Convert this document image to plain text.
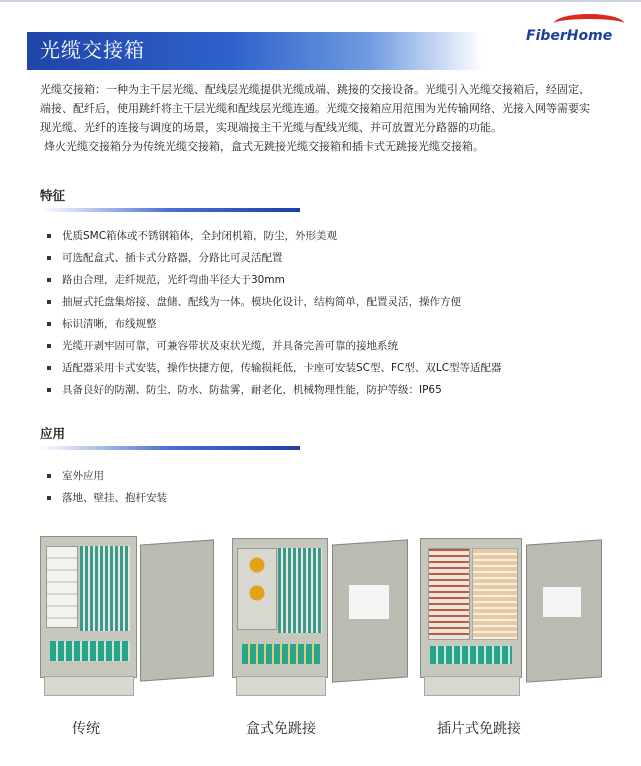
光缆交接箱
FiberHome

光缆交接箱：一种为主干层光缆、配线层光缆提供光缆成端、跳接的交接设备。光缆引入光缆交接箱后，经固定、端接、配纤后，使用跳纤将主干层光缆和配线层光缆连通。光缆交接箱应用范围为光传输网络、光接入网等需要实现光缆、光纤的连接与调度的场景，实现端接主干光缆与配线光缆、并可放置光分路器的功能。

烽火光缆交接箱分为传统光缆交接箱，盒式无跳接光缆交接箱和插卡式无跳接光缆交接箱。

特征
优质SMC箱体或不锈钢箱体，全封闭机箱，防尘，外形美观
可选配盒式、插卡式分路器，分路比可灵活配置
路由合理，走纤规范，光纤弯曲半径大于30mm
抽屉式托盘集熔接、盘储、配线为一体。模块化设计，结构简单，配置灵活，操作方便
标识清晰，布线规整
光缆开剥牢固可靠，可兼容带状及束状光缆，并具备完善可靠的接地系统
适配器采用卡式安装，操作快捷方便，传输损耗低，卡座可安装SC型、FC型、双LC型等适配器
具备良好的防潮、防尘、防水、防盐雾，耐老化，机械物理性能，防护等级：IP65
应用
室外应用
落地、壁挂、抱杆安装
传统	盒式免跳接	插片式免跳接
